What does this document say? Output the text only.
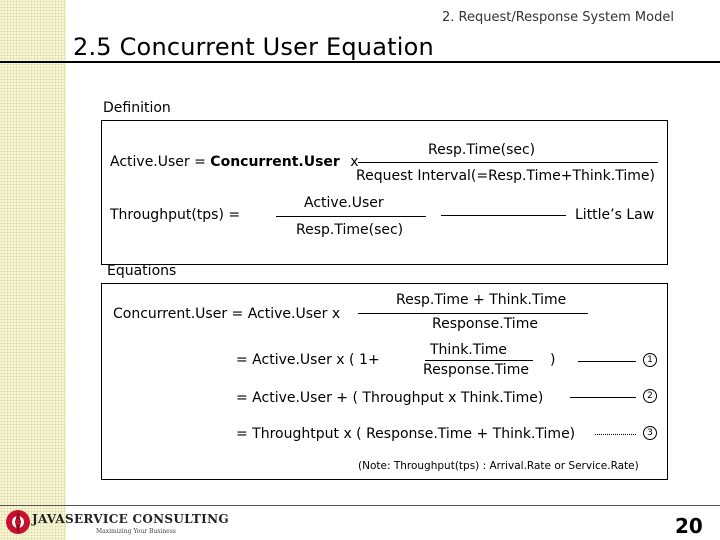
2. Request/Response System Model
2.5 Concurrent User Equation
Definition
Active.User = Concurrent.User x
Resp.Time(sec)
Request Interval(=Resp.Time+Think.Time)
Throughput(tps) =
Active.User
Resp.Time(sec)
Little’s Law
Equations
Concurrent.User = Active.User x
Resp.Time + Think.Time
Response.Time
= Active.User x ( 1+
Think.Time
Response.Time
)	1
= Active.User + ( Throughput x Think.Time)	2
= Throughtput x ( Response.Time + Think.Time)	3
(Note: Throughput(tps) : Arrival.Rate or Service.Rate)
JAVASERVICE CONSULTING
Maximizing Your Business	20
